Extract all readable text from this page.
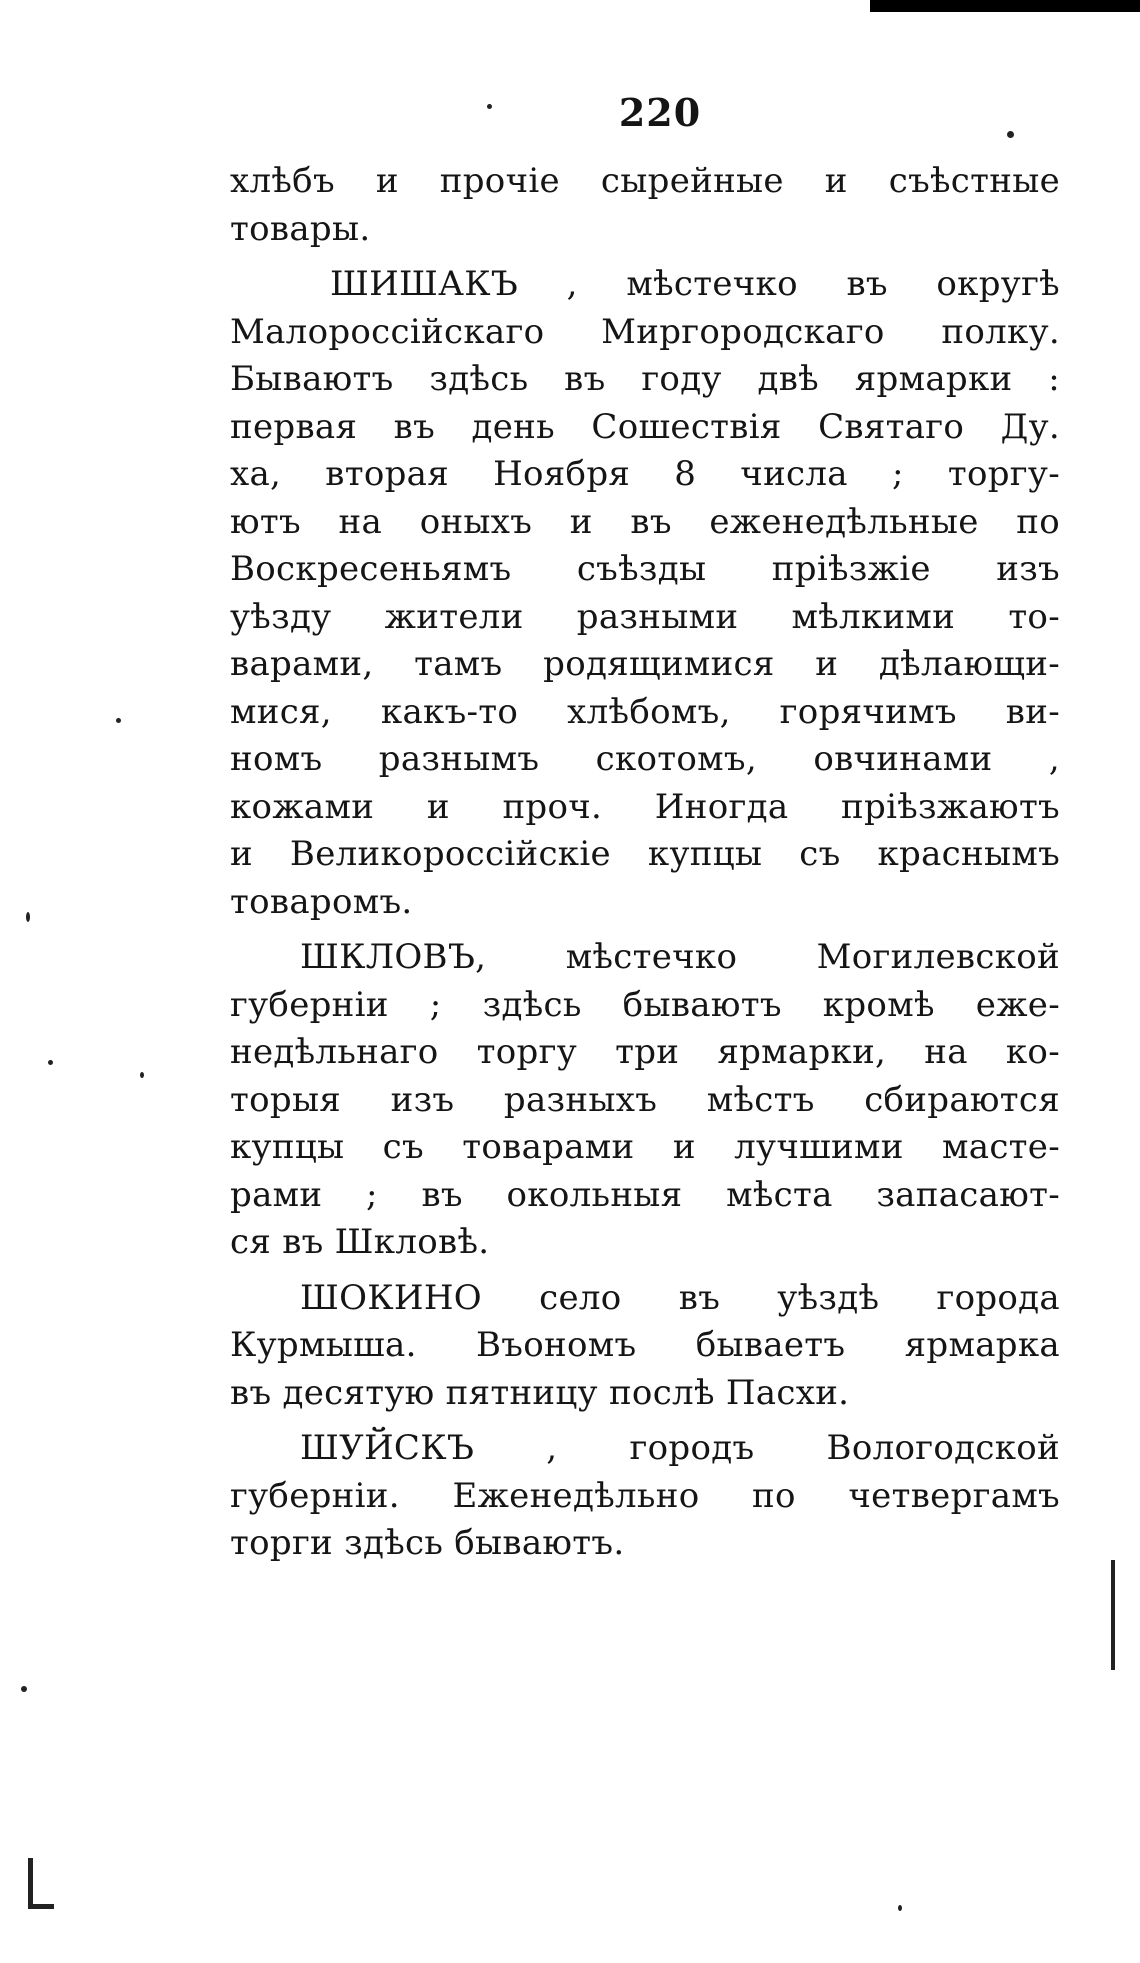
220
хлѣбъ и прочіе сырейные и съѣстные
товары.
ШИШАКЪ , мѣстечко въ округѣ
Малороссійскаго Миргородскаго полку.
Бываютъ здѣсь въ году двѣ ярмарки :
первая въ день Сошествія Святаго Ду.
ха, вторая Ноября 8 числа ; торгу-
ютъ на оныхъ и въ еженедѣльные по
Воскресеньямъ съѣзды пріѣзжіе изъ
уѣзду жители разными мѣлкими то-
варами, тамъ родящимися и дѣлающи-
мися, какъ-то хлѣбомъ, горячимъ ви-
номъ разнымъ скотомъ, овчинами ,
кожами и проч. Иногда пріѣзжаютъ
и Великороссійскіе купцы съ краснымъ
товаромъ.
ШКЛОВЪ, мѣстечко Могилевской
губерніи ; здѣсь бываютъ кромѣ еже-
недѣльнаго торгу три ярмарки, на ко-
торыя изъ разныхъ мѣстъ сбираются
купцы съ товарами и лучшими масте-
рами ; въ окольныя мѣста запасают-
ся въ Шкловѣ.
ШОКИНО село въ уѣздѣ города
Курмыша. Въономъ бываетъ ярмарка
въ десятую пятницу послѣ Пасхи.
ШУЙСКЪ , городъ Вологодской
губерніи. Еженедѣльно по четвергамъ
торги здѣсь бываютъ.
